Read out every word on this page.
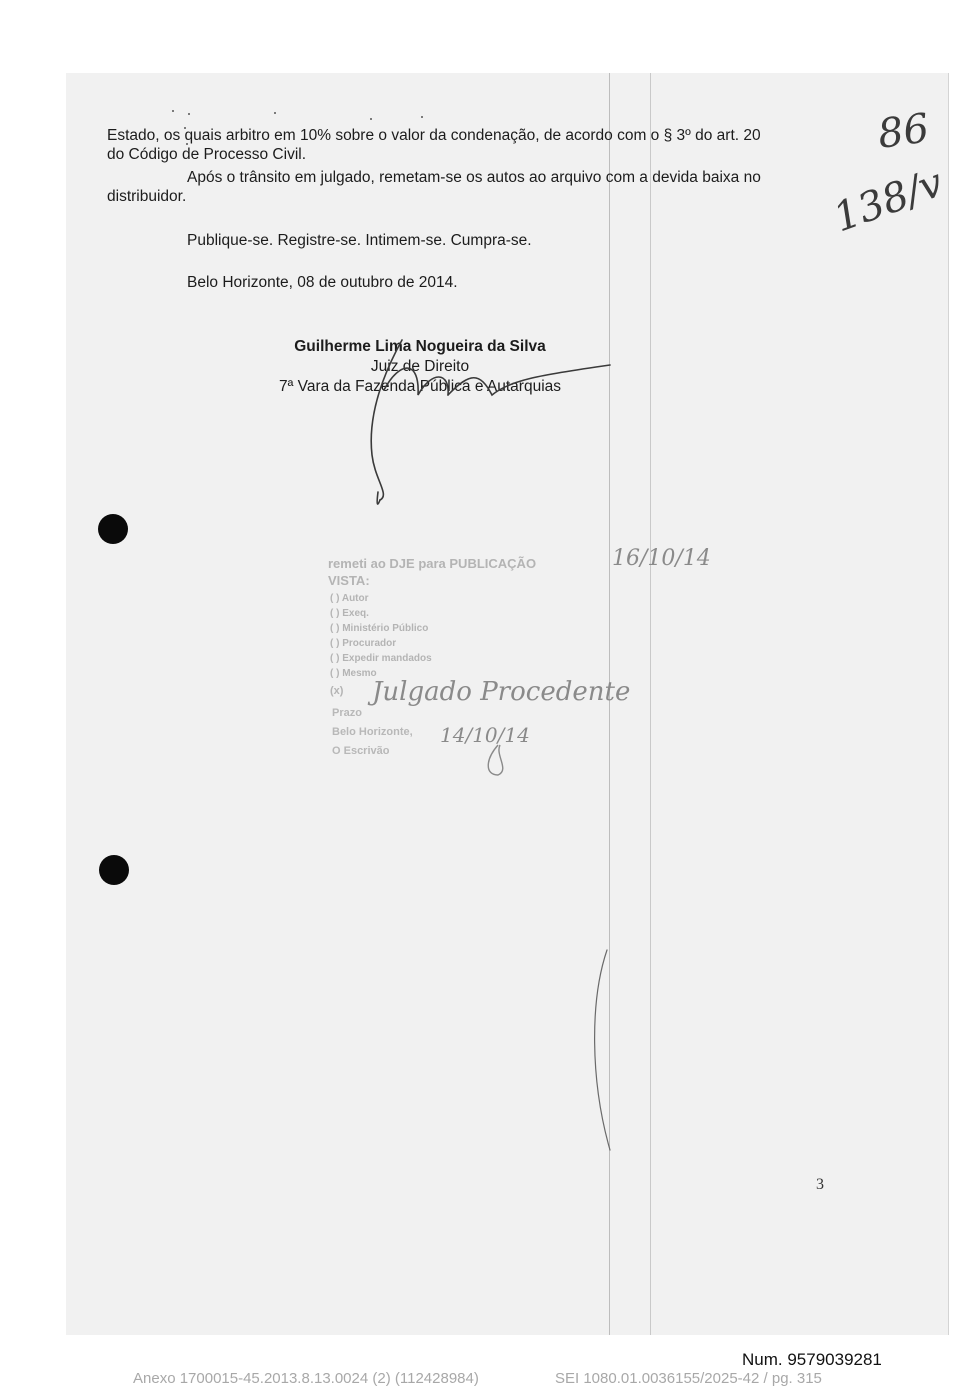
Estado, os quais arbitro em 10% sobre o valor da condenação, de acordo com o § 3º do art. 20 do Código de Processo Civil.
Após o trânsito em julgado, remetam-se os autos ao arquivo com a devida baixa no distribuidor.
Publique-se. Registre-se. Intimem-se. Cumpra-se.
Belo Horizonte, 08 de outubro de 2014.
Guilherme Lima Nogueira da Silva
Juiz de Direito
7ª Vara da Fazenda Pública e Autarquias
remeti ao DJE para PUBLICAÇÃO
VISTA:
( ) Autor
( ) Exeq.
( ) Ministério Público
( ) Procurador
( ) Expedir mandados
( ) Mesmo
(x)
Prazo
Belo Horizonte,
O Escrivão
86
138/v
16/10/14
Julgado Procedente
14/10/14
3
Num. 9579039281
Anexo 1700015-45.2013.8.13.0024 (2) (112428984)	SEI 1080.01.0036155/2025-42 / pg. 315
